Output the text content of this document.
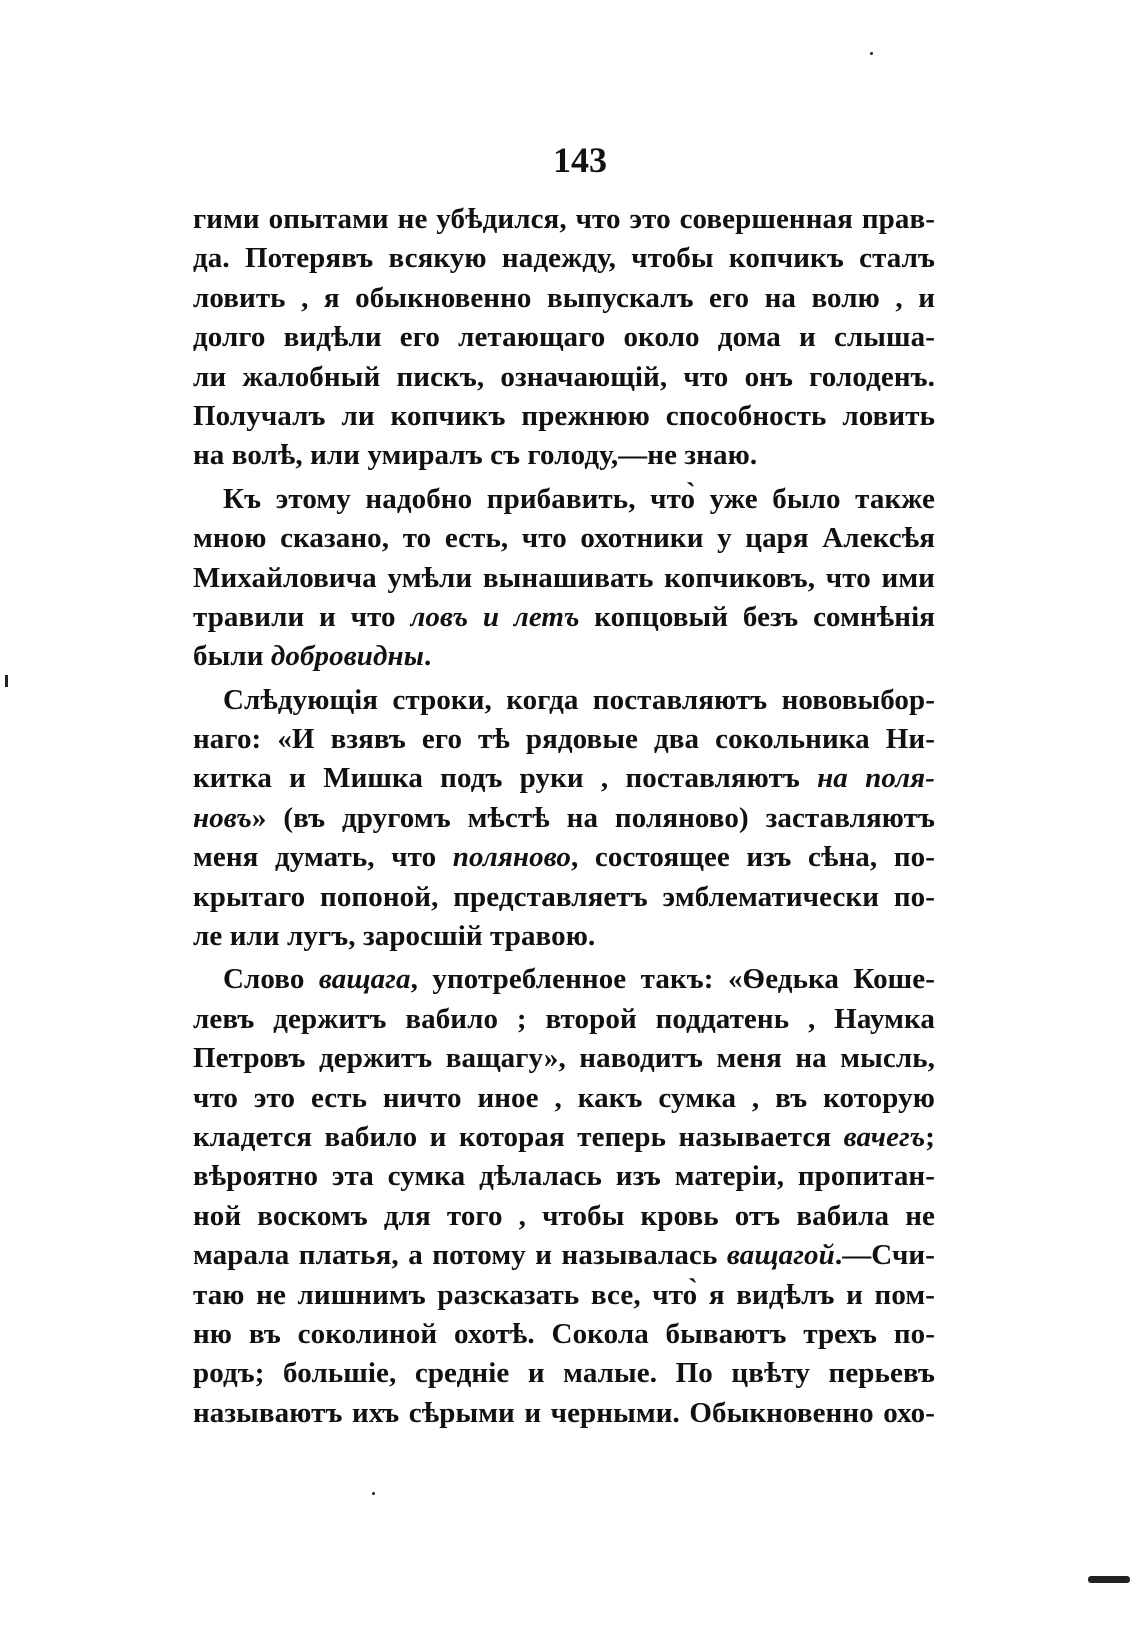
143
гими опытами не убѣдился, что это совершенная прав-
да. Потерявъ всякую надежду, чтобы копчикъ сталъ
ловить , я обыкновенно выпускалъ его на волю , и
долго видѣли его летающаго около дома и слыша-
ли жалобный пискъ, означающій, что онъ голоденъ.
Получалъ ли копчикъ прежнюю способность ловить
на волѣ, или умиралъ съ голоду,—не знаю.
Къ этому надобно прибавить, что̀ уже было также
мною сказано, то есть, что охотники у царя Алексѣя
Михайловича умѣли вынашивать копчиковъ, что ими
травили и что ловъ и летъ копцовый безъ сомнѣнія
были добровидны.
Слѣдующія строки, когда поставляютъ нововыбор-
наго: «И взявъ его тѣ рядовые два сокольника Ни-
китка и Мишка подъ руки , поставляютъ на поля-
новъ» (въ другомъ мѣстѣ на поляново) заставляютъ
меня думать, что поляново, состоящее изъ сѣна, по-
крытаго попоной, представляетъ эмблематически по-
ле или лугъ, заросшій травою.
Слово ващага, употребленное такъ: «Ѳедька Коше-
левъ держитъ вабило ; второй поддатень , Наумка
Петровъ держитъ ващагу», наводитъ меня на мысль,
что это есть ничто иное , какъ сумка , въ которую
кладется вабило и которая теперь называется вачегъ;
вѣроятно эта сумка дѣлалась изъ матеріи, пропитан-
ной воскомъ для того , чтобы кровь отъ вабила не
марала платья, а потому и называлась ващагой.—Счи-
таю не лишнимъ разсказать все, что̀ я видѣлъ и пом-
ню въ соколиной охотѣ. Сокола бываютъ трехъ по-
родъ; большіе, средніе и малые. По цвѣту перьевъ
называютъ ихъ сѣрыми и черными. Обыкновенно охо-
